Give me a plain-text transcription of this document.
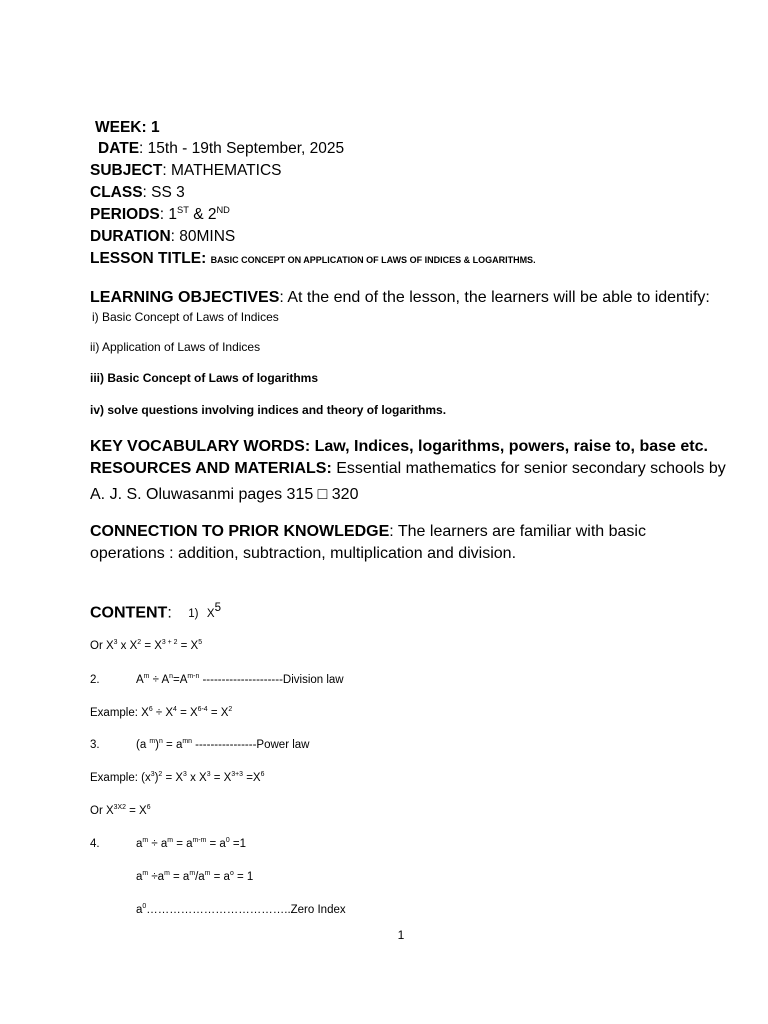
WEEK: 1
DATE: 15th - 19th September, 2025
SUBJECT: MATHEMATICS
CLASS: SS 3
PERIODS: 1ST & 2ND
DURATION: 80MINS
LESSON TITLE: BASIC CONCEPT ON APPLICATION OF LAWS OF INDICES & LOGARITHMS.
LEARNING OBJECTIVES: At the end of the lesson, the learners will be able to identify:
i) Basic Concept of Laws of Indices
ii) Application of Laws of Indices
iii) Basic Concept of Laws of logarithms
iv) solve questions involving indices and theory of logarithms.
KEY VOCABULARY WORDS: Law, Indices, logarithms, powers, raise to, base etc.
RESOURCES AND MATERIALS: Essential mathematics for senior secondary schools by
A. J. S. Oluwasanmi pages 315 □ 320
CONNECTION TO PRIOR KNOWLEDGE: The learners are familiar with basic
operations : addition, subtraction, multiplication and division.
CONTENT: 1) $X^5$
Or $X^3$ x $X^2 = X^{3 + 2} = X^5$
2.	$A^m \div A^n=A^{m-n}$ ---------------------Division law
Example: $X^6 \div X^4 = X^{6-4} = X^2$
3.	(a $^m)^n = a^{mn}$ ----------------Power law
Example: $(x^3)^2 = X^3$ x $X^3 = X^{3+3} =X^6$
Or $X^{3X2} = X^6$
4.	$a^m \div a^m = a^{m-m} = a^0 =1$
$a^m \div a^m = a^m/a^m = a^o = 1$
$a^0\dots\dots\dots\dots\dots\dots\dots\dots\dots\dots\dots\dots..Zero$ Index
1
